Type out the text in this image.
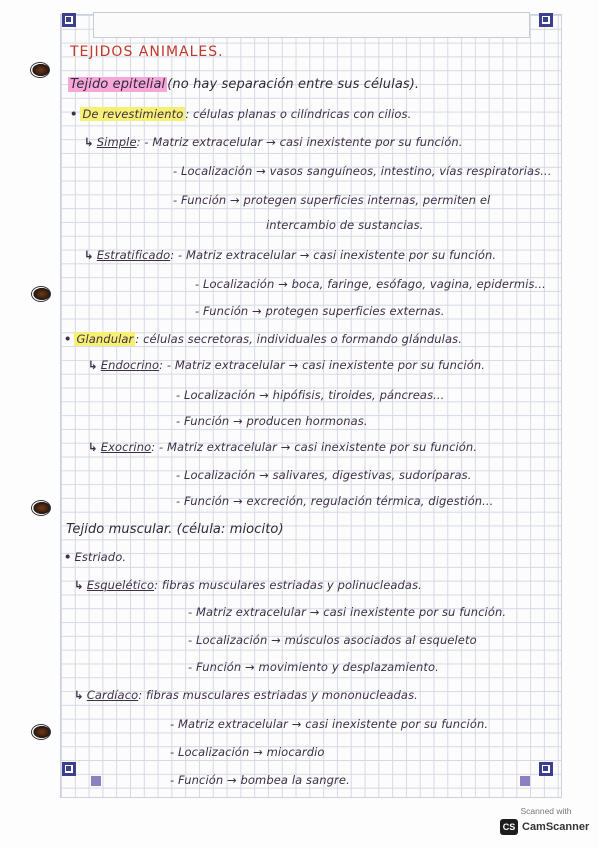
TEJIDOS ANIMALES.
Tejido epitelial (no hay separación entre sus células).
• De revestimiento : células planas o cilíndricas con cilios.
↳ Simple: - Matriz extracelular → casi inexistente por su función.
- Localización → vasos sanguíneos, intestino, vías respiratorias...
- Función → protegen superficies internas, permiten el
intercambio de sustancias.
↳ Estratificado: - Matriz extracelular → casi inexistente por su función.
- Localización → boca, faringe, esófago, vagina, epidermis...
- Función → protegen superficies externas.
• Glandular : células secretoras, individuales o formando glándulas.
↳ Endocrino: - Matriz extracelular → casi inexistente por su función.
- Localización → hipófisis, tiroides, páncreas...
- Función → producen hormonas.
↳ Exocrino: - Matriz extracelular → casi inexistente por su función.
- Localización → salivares, digestivas, sudoríparas.
- Función → excreción, regulación térmica, digestión...
Tejido muscular. (célula: miocito)
• Estriado.
↳ Esquelético: fibras musculares estriadas y polinucleadas.
- Matriz extracelular → casi inexistente por su función.
- Localización → músculos asociados al esqueleto
- Función → movimiento y desplazamiento.
↳ Cardíaco: fibras musculares estriadas y mononucleadas.
- Matriz extracelular → casi inexistente por su función.
- Localización → miocardio
- Función → bombea la sangre.
Scanned with
CS CamScanner
